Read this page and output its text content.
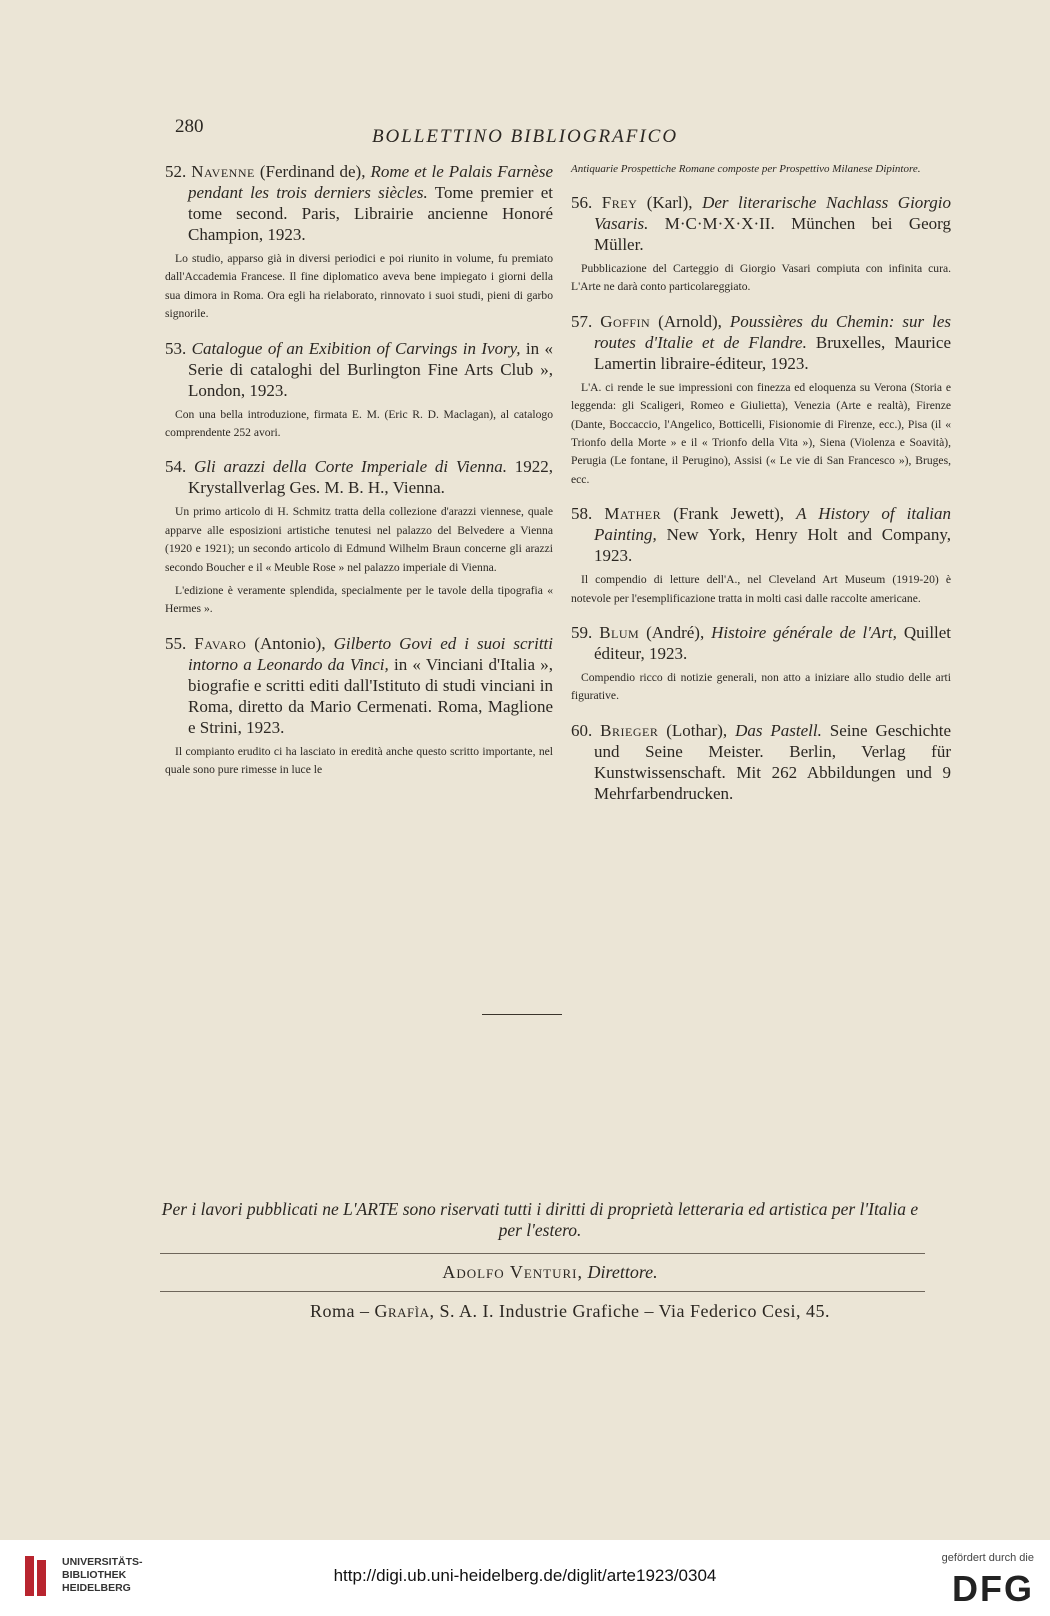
280	BOLLETTINO BIBLIOGRAFICO
52. Navenne (Ferdinand de), Rome et le Palais Farnèse pendant les trois derniers siècles. Tome premier et tome second. Paris, Librairie ancienne Honoré Champion, 1923.
Lo studio, apparso già in diversi periodici e poi riunito in volume, fu premiato dall'Accademia Francese. Il fine diplomatico aveva bene impiegato i giorni della sua dimora in Roma. Ora egli ha rielaborato, rinnovato i suoi studi, pieni di garbo signorile.
53. Catalogue of an Exibition of Carvings in Ivory, in « Serie di cataloghi del Burlington Fine Arts Club », London, 1923.
Con una bella introduzione, firmata E. M. (Eric R. D. Maclagan), al catalogo comprendente 252 avori.
54. Gli arazzi della Corte Imperiale di Vienna. 1922, Krystallverlag Ges. M. B. H., Vienna.
Un primo articolo di H. Schmitz tratta della collezione d'arazzi viennese, quale apparve alle esposizioni artistiche tenutesi nel palazzo del Belvedere a Vienna (1920 e 1921); un secondo articolo di Edmund Wilhelm Braun concerne gli arazzi secondo Boucher e il « Meuble Rose » nel palazzo imperiale di Vienna.
L'edizione è veramente splendida, specialmente per le tavole della tipografia « Hermes ».
55. Favaro (Antonio), Gilberto Govi ed i suoi scritti intorno a Leonardo da Vinci, in « Vinciani d'Italia », biografie e scritti editi dall'Istituto di studi vinciani in Roma, diretto da Mario Cermenati. Roma, Maglione e Strini, 1923.
Il compianto erudito ci ha lasciato in eredità anche questo scritto importante, nel quale sono pure rimesse in luce le
Antiquarie Prospettiche Romane composte per Prospettivo Milanese Dipintore.
56. Frey (Karl), Der literarische Nachlass Giorgio Vasaris. M·C·M·X·X·II. München bei Georg Müller.
Pubblicazione del Carteggio di Giorgio Vasari compiuta con infinita cura. L'Arte ne darà conto particolareggiato.
57. Goffin (Arnold), Poussières du Chemin: sur les routes d'Italie et de Flandre. Bruxelles, Maurice Lamertin libraire-éditeur, 1923.
L'A. ci rende le sue impressioni con finezza ed eloquenza su Verona (Storia e leggenda: gli Scaligeri, Romeo e Giulietta), Venezia (Arte e realtà), Firenze (Dante, Boccaccio, l'Angelico, Botticelli, Fisionomie di Firenze, ecc.), Pisa (il « Trionfo della Morte » e il « Trionfo della Vita »), Siena (Violenza e Soavità), Perugia (Le fontane, il Perugino), Assisi (« Le vie di San Francesco »), Bruges, ecc.
58. Mather (Frank Jewett), A History of italian Painting, New York, Henry Holt and Company, 1923.
Il compendio di letture dell'A., nel Cleveland Art Museum (1919-20) è notevole per l'esemplificazione tratta in molti casi dalle raccolte americane.
59. Blum (André), Histoire générale de l'Art, Quillet éditeur, 1923.
Compendio ricco di notizie generali, non atto a iniziare allo studio delle arti figurative.
60. Brieger (Lothar), Das Pastell. Seine Geschichte und Seine Meister. Berlin, Verlag für Kunstwissenschaft. Mit 262 Abbildungen und 9 Mehrfarbendrucken.
Per i lavori pubblicati ne L'ARTE sono riservati tutti i diritti di proprietà letteraria ed artistica per l'Italia e per l'estero.
Adolfo Venturi, Direttore.
Roma – Grafìa, S. A. I. Industrie Grafiche – Via Federico Cesi, 45.
UNIVERSITÄTS-
BIBLIOTHEK
HEIDELBERG
http://digi.ub.uni-heidelberg.de/diglit/arte1923/0304
gefördert durch die
DFG
